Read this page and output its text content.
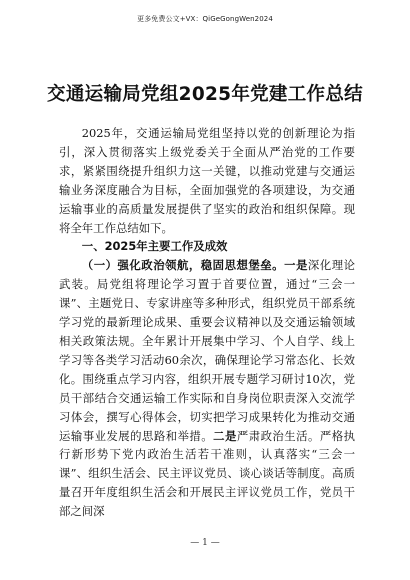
更多免费公文+VX：QiGeGongWen2024
交通运输局党组2025年党建工作总结

2025年，交通运输局党组坚持以党的创新理论为指引，深入贯彻落实上级党委关于全面从严治党的工作要求，紧紧围绕提升组织力这一关键，以推动党建与交通运输业务深度融合为目标，全面加强党的各项建设，为交通运输事业的高质量发展提供了坚实的政治和组织保障。现将全年工作总结如下。

一、2025年主要工作及成效

（一）强化政治领航，稳固思想堡垒。一是深化理论武装。局党组将理论学习置于首要位置，通过“三会一课”、主题党日、专家讲座等多种形式，组织党员干部系统学习党的最新理论成果、重要会议精神以及交通运输领域相关政策法规。全年累计开展集中学习、个人自学、线上学习等各类学习活动60余次，确保理论学习常态化、长效化。围绕重点学习内容，组织开展专题学习研讨10次，党员干部结合交通运输工作实际和自身岗位职责深入交流学习体会，撰写心得体会，切实把学习成果转化为推动交通运输事业发展的思路和举措。二是严肃政治生活。严格执行新形势下党内政治生活若干准则，认真落实“三会一课”、组织生活会、民主评议党员、谈心谈话等制度。高质量召开年度组织生活会和开展民主评议党员工作，党员干部之间深

— 1 —
